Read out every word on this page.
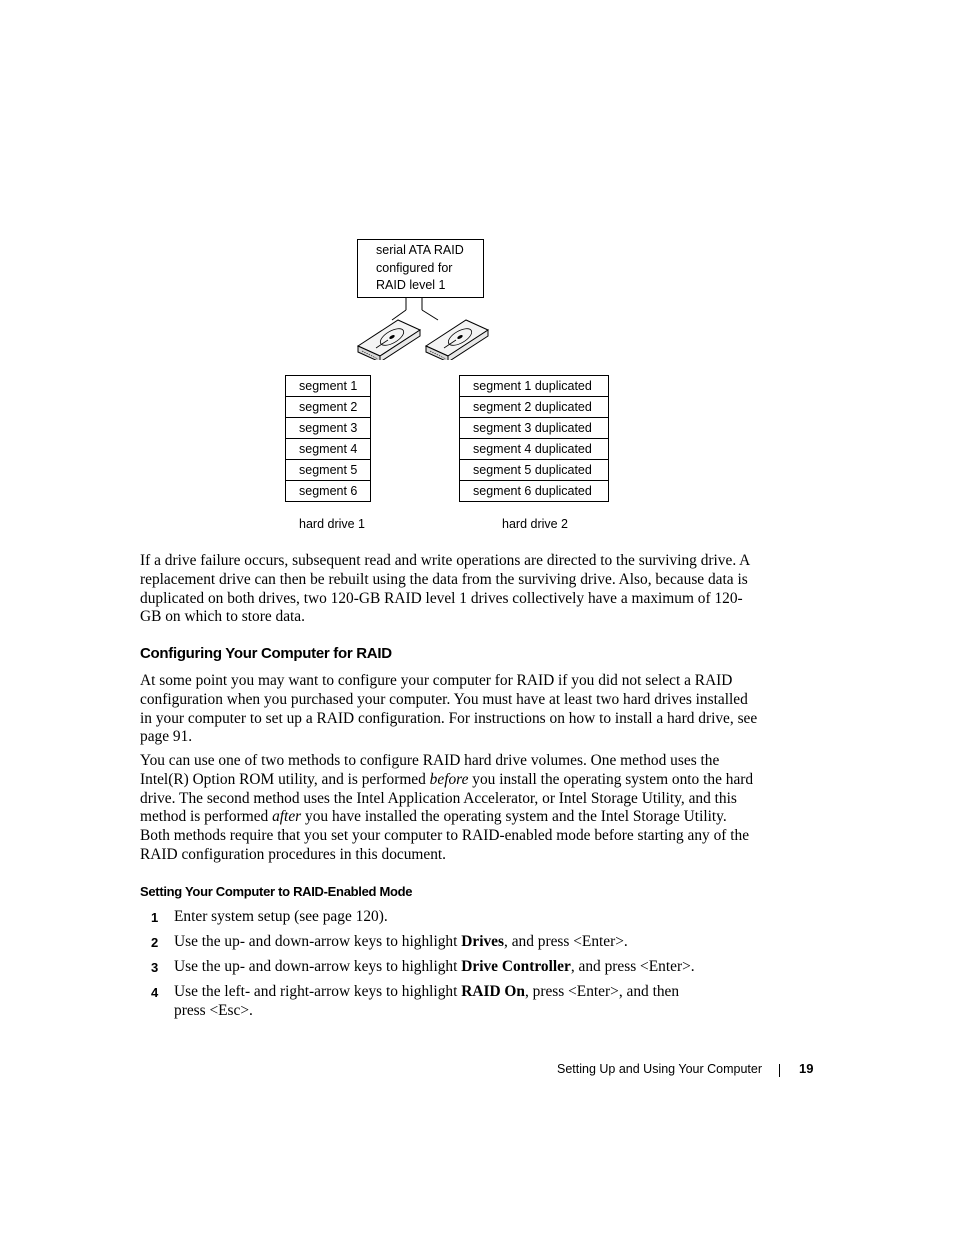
serial ATA RAID
configured for
RAID level 1
segment 1
segment 2
segment 3
segment 4
segment 5
segment 6
segment 1 duplicated
segment 2 duplicated
segment 3 duplicated
segment 4 duplicated
segment 5 duplicated
segment 6 duplicated
hard drive 1	hard drive 2

If a drive failure occurs, subsequent read and write operations are directed to the surviving drive. A replacement drive can then be rebuilt using the data from the surviving drive. Also, because data is duplicated on both drives, two 120-GB RAID level 1 drives collectively have a maximum of 120-GB on which to store data.

Configuring Your Computer for RAID

At some point you may want to configure your computer for RAID if you did not select a RAID configuration when you purchased your computer. You must have at least two hard drives installed in your computer to set up a RAID configuration. For instructions on how to install a hard drive, see page 91.

You can use one of two methods to configure RAID hard drive volumes. One method uses the Intel(R) Option ROM utility, and is performed before you install the operating system onto the hard drive. The second method uses the Intel Application Accelerator, or Intel Storage Utility, and this method is performed after you have installed the operating system and the Intel Storage Utility. Both methods require that you set your computer to RAID-enabled mode before starting any of the RAID configuration procedures in this document.

Setting Your Computer to RAID-Enabled Mode
1 Enter system setup (see page 120).
2 Use the up- and down-arrow keys to highlight Drives, and press <Enter>.
3 Use the up- and down-arrow keys to highlight Drive Controller, and press <Enter>.
4 Use the left- and right-arrow keys to highlight RAID On, press <Enter>, and then press <Esc>.
Setting Up and Using Your Computer	19
